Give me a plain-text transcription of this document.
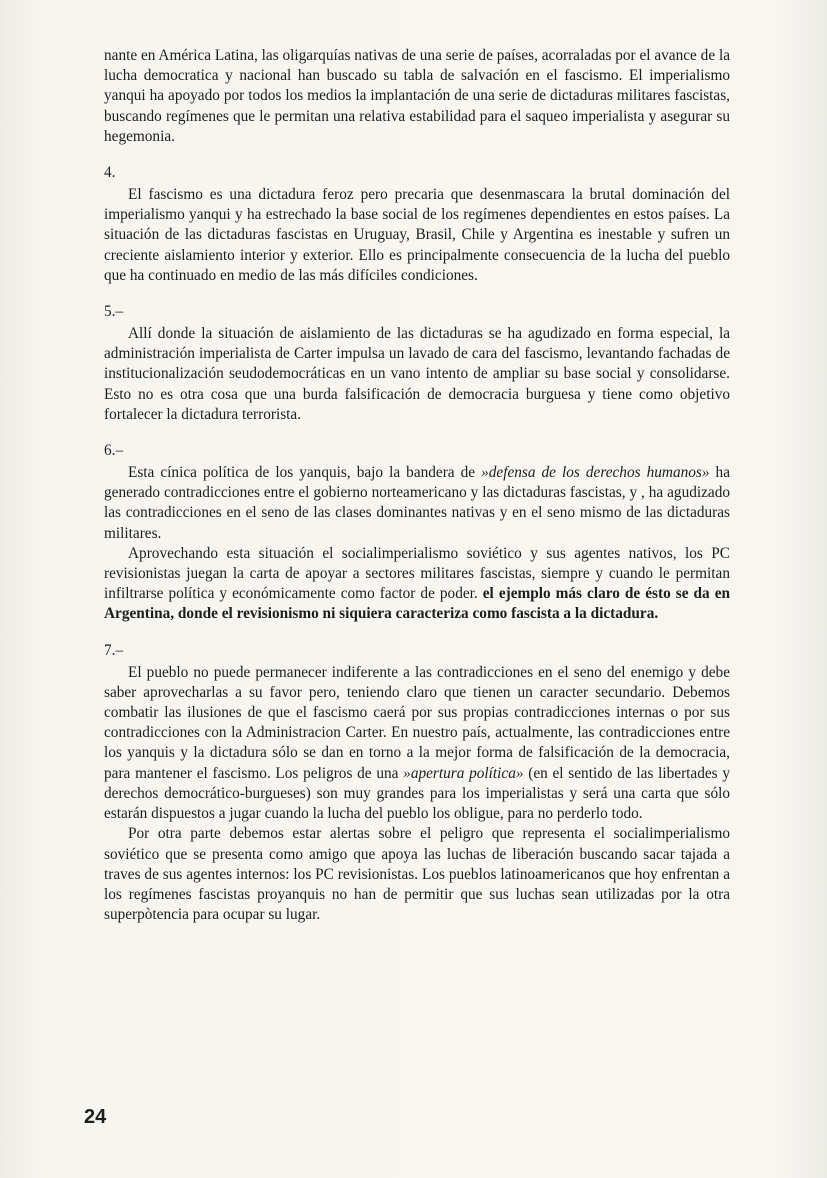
nante en América Latina, las oligarquías nativas de una serie de países, acorraladas por el avance de la lucha democratica y nacional han buscado su tabla de salvación en el fascismo. El imperialismo yanqui ha apoyado por todos los medios la implantación de una serie de dictaduras militares fascistas, buscando regímenes que le permitan una relativa estabilidad para el saqueo imperialista y asegurar su hegemonia.

4.

El fascismo es una dictadura feroz pero precaria que desenmascara la brutal dominación del imperialismo yanqui y ha estrechado la base social de los regímenes dependientes en estos países. La situación de las dictaduras fascistas en Uruguay, Brasil, Chile y Argentina es inestable y sufren un creciente aislamiento interior y exterior. Ello es principalmente consecuencia de la lucha del pueblo que ha continuado en medio de las más difíciles condiciones.

5.–

Allí donde la situación de aislamiento de las dictaduras se ha agudizado en forma especial, la administración imperialista de Carter impulsa un lavado de cara del fascismo, levantando fachadas de institucionalización seudodemocráticas en un vano intento de ampliar su base social y consolidarse. Esto no es otra cosa que una burda falsificación de democracia burguesa y tiene como objetivo fortalecer la dictadura terrorista.

6.–

Esta cínica política de los yanquis, bajo la bandera de »defensa de los derechos humanos» ha generado contradicciones entre el gobierno norteamericano y las dictaduras fascistas, y , ha agudizado las contradicciones en el seno de las clases dominantes nativas y en el seno mismo de las dictaduras militares.

Aprovechando esta situación el socialimperialismo soviético y sus agentes nativos, los PC revisionistas juegan la carta de apoyar a sectores militares fascistas, siempre y cuando le permitan infiltrarse política y económicamente como factor de poder. el ejemplo más claro de ésto se da en Argentina, donde el revisionismo ni siquiera caracteriza como fascista a la dictadura.

7.–

El pueblo no puede permanecer indiferente a las contradicciones en el seno del enemigo y debe saber aprovecharlas a su favor pero, teniendo claro que tienen un caracter secundario. Debemos combatir las ilusiones de que el fascismo caerá por sus propias contradicciones internas o por sus contradicciones con la Administracion Carter. En nuestro país, actualmente, las contradicciones entre los yanquis y la dictadura sólo se dan en torno a la mejor forma de falsificación de la democracia, para mantener el fascismo. Los peligros de una »apertura política» (en el sentido de las libertades y derechos democrático-burgueses) son muy grandes para los imperialistas y será una carta que sólo estarán dispuestos a jugar cuando la lucha del pueblo los obligue, para no perderlo todo.

Por otra parte debemos estar alertas sobre el peligro que representa el socialimperialismo soviético que se presenta como amigo que apoya las luchas de liberación buscando sacar tajada a traves de sus agentes internos: los PC revisionistas. Los pueblos latinoamericanos que hoy enfrentan a los regímenes fascistas proyanquis no han de permitir que sus luchas sean utilizadas por la otra superpòtencia para ocupar su lugar.

24
